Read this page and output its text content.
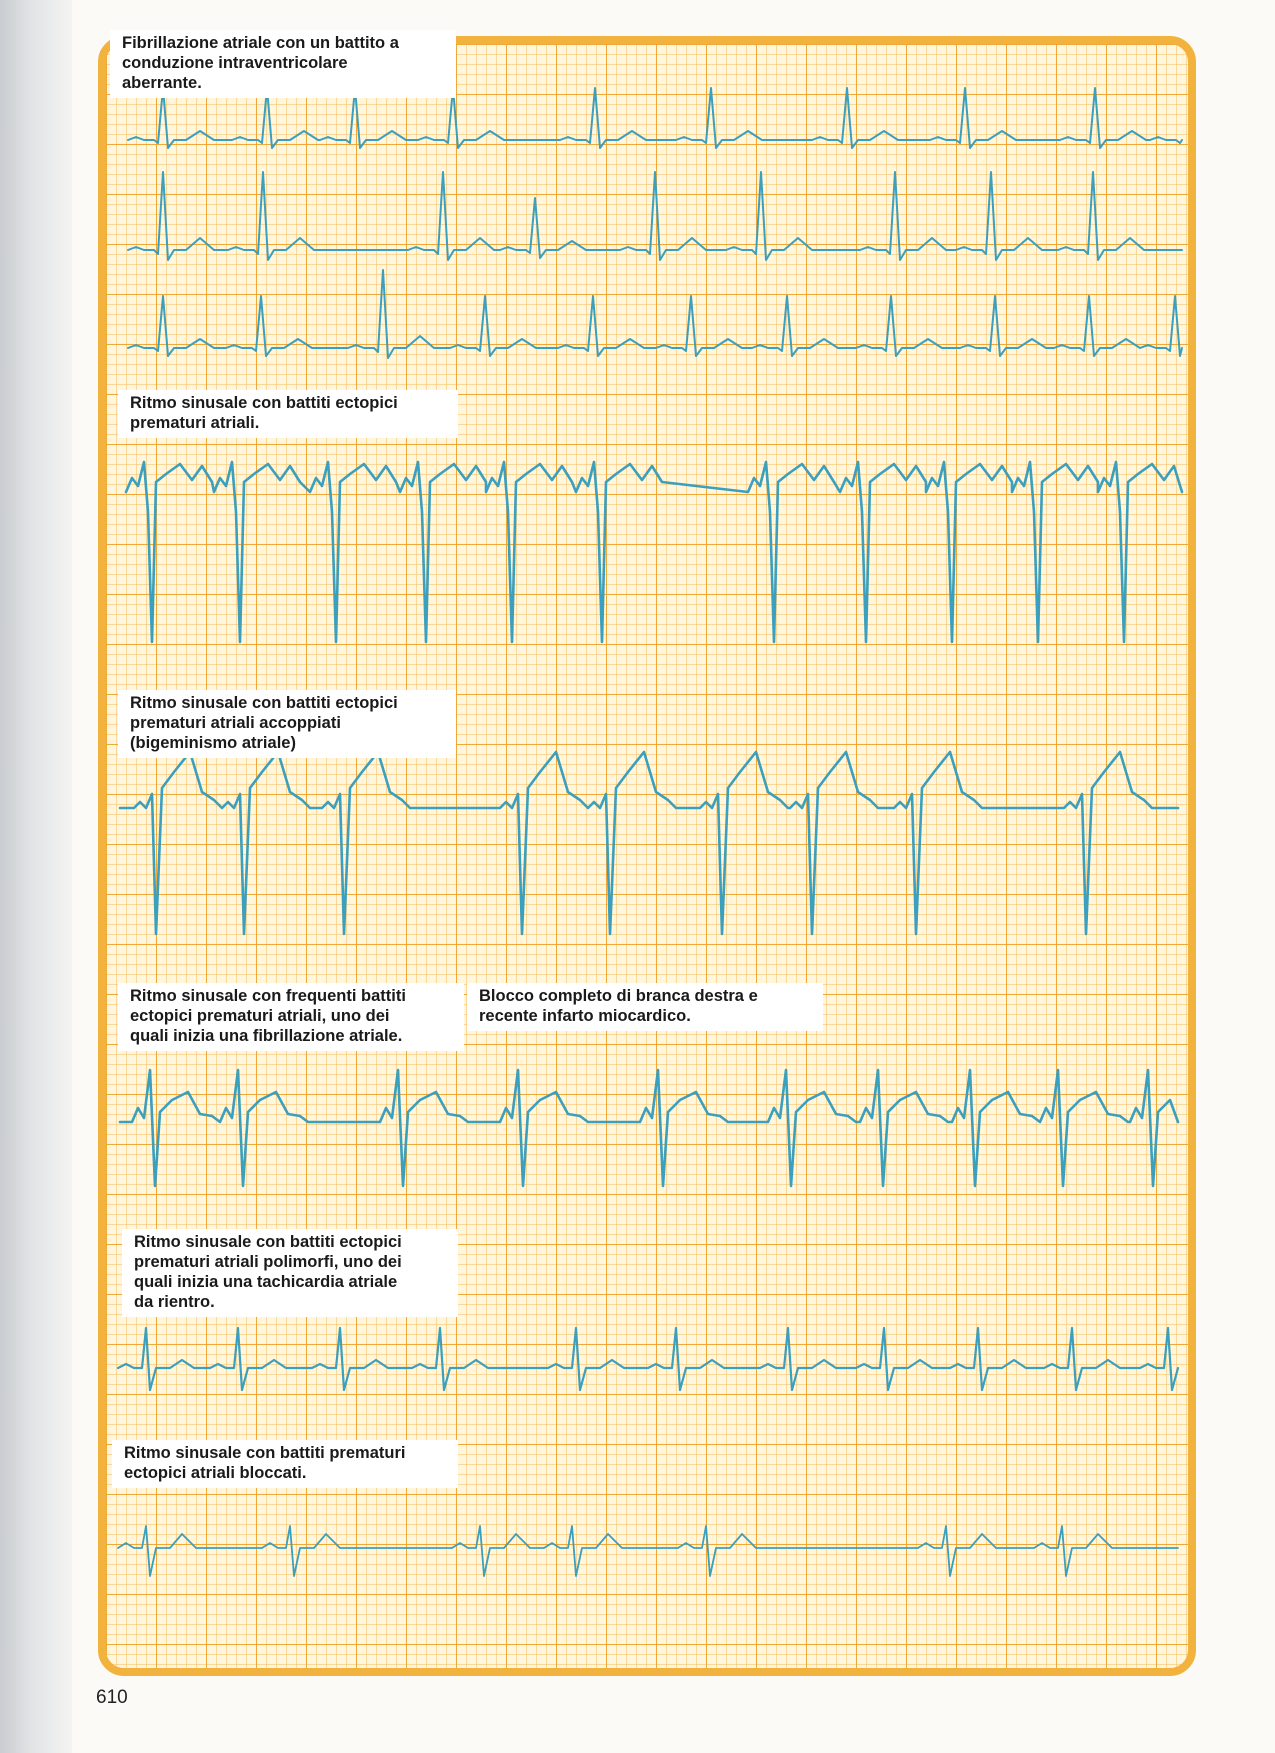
Fibrillazione atriale con un battito a
conduzione intraventricolare
aberrante.
Ritmo sinusale con battiti ectopici
prematuri atriali.
Ritmo sinusale con battiti ectopici
prematuri atriali accoppiati
(bigeminismo atriale)
Ritmo sinusale con frequenti battiti
ectopici prematuri atriali, uno dei
quali inizia una fibrillazione atriale.
Blocco completo di branca destra e
recente infarto miocardico.
Ritmo sinusale con battiti ectopici
prematuri atriali polimorfi, uno dei
quali inizia una tachicardia atriale
da rientro.
Ritmo sinusale con battiti prematuri
ectopici atriali bloccati.
610
